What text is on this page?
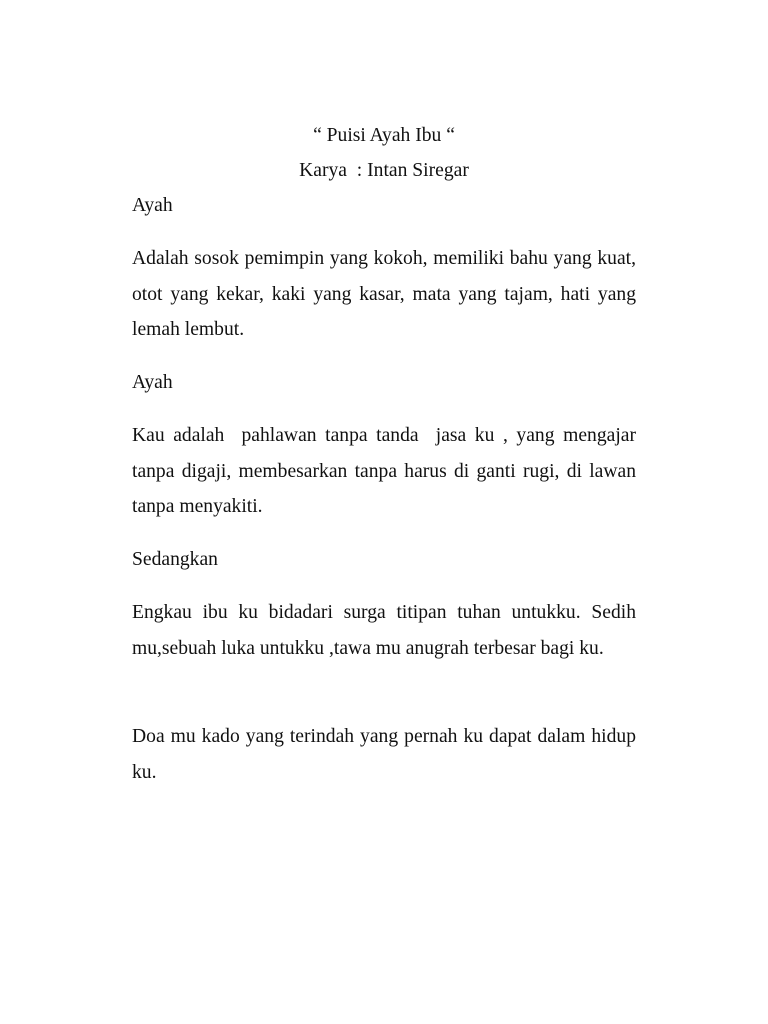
“ Puisi Ayah Ibu “
Karya  : Intan Siregar

Ayah

Adalah sosok pemimpin yang kokoh, memiliki bahu yang kuat, otot yang kekar, kaki yang kasar, mata yang tajam, hati yang lemah lembut.

Ayah

Kau adalah  pahlawan tanpa tanda  jasa ku , yang mengajar tanpa digaji, membesarkan tanpa harus di ganti rugi, di lawan tanpa menyakiti.

Sedangkan

Engkau ibu ku bidadari surga titipan tuhan untukku. Sedih mu,sebuah luka untukku ,tawa mu anugrah terbesar bagi ku.

Doa mu kado yang terindah yang pernah ku dapat dalam hidup ku.
